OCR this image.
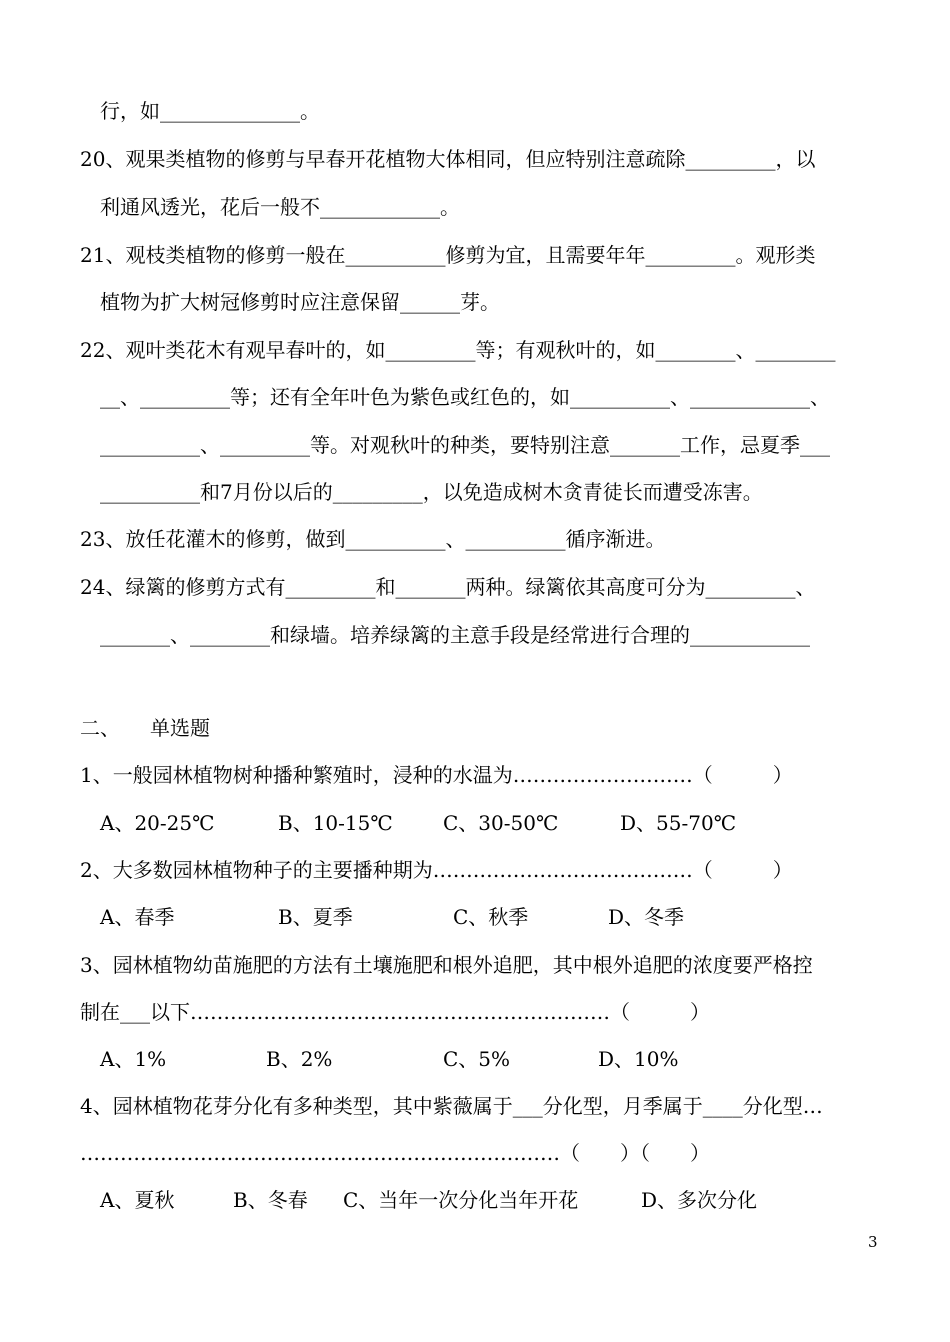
行，如______________。
20、观果类植物的修剪与早春开花植物大体相同，但应特别注意疏除_________，以
利通风透光，花后一般不____________。
21、观枝类植物的修剪一般在__________修剪为宜，且需要年年_________。观形类
植物为扩大树冠修剪时应注意保留______芽。
22、观叶类花木有观早春叶的，如_________等；有观秋叶的，如________、________
__、_________等；还有全年叶色为紫色或红色的，如__________、____________、
__________、_________等。对观秋叶的种类，要特别注意_______工作，忌夏季___
__________和7月份以后的_________，以免造成树木贪青徒长而遭受冻害。
23、放任花灌木的修剪，做到__________、__________循序渐进。
24、绿篱的修剪方式有_________和_______两种。绿篱依其高度可分为_________、
_______、________和绿墙。培养绿篱的主意手段是经常进行合理的____________
二、　　单选题
1、一般园林植物树种播种繁殖时，浸种的水温为………………………（　　　）
A、20-25℃	B、10-15℃	C、30-50℃	D、55-70℃
2、大多数园林植物种子的主要播种期为…………………………………（　　　）
A、春季	B、夏季	C、秋季	D、冬季
3、园林植物幼苗施肥的方法有土壤施肥和根外追肥，其中根外追肥的浓度要严格控
制在___以下………………………………………………………（　　　）
A、1%	B、2%	C、5%	D、10%
4、园林植物花芽分化有多种类型，其中紫薇属于___分化型，月季属于____分化型…
………………………………………………………………（　　）（　　）
A、夏秋	B、冬春 C、当年一次分化当年开花	D、多次分化
3
